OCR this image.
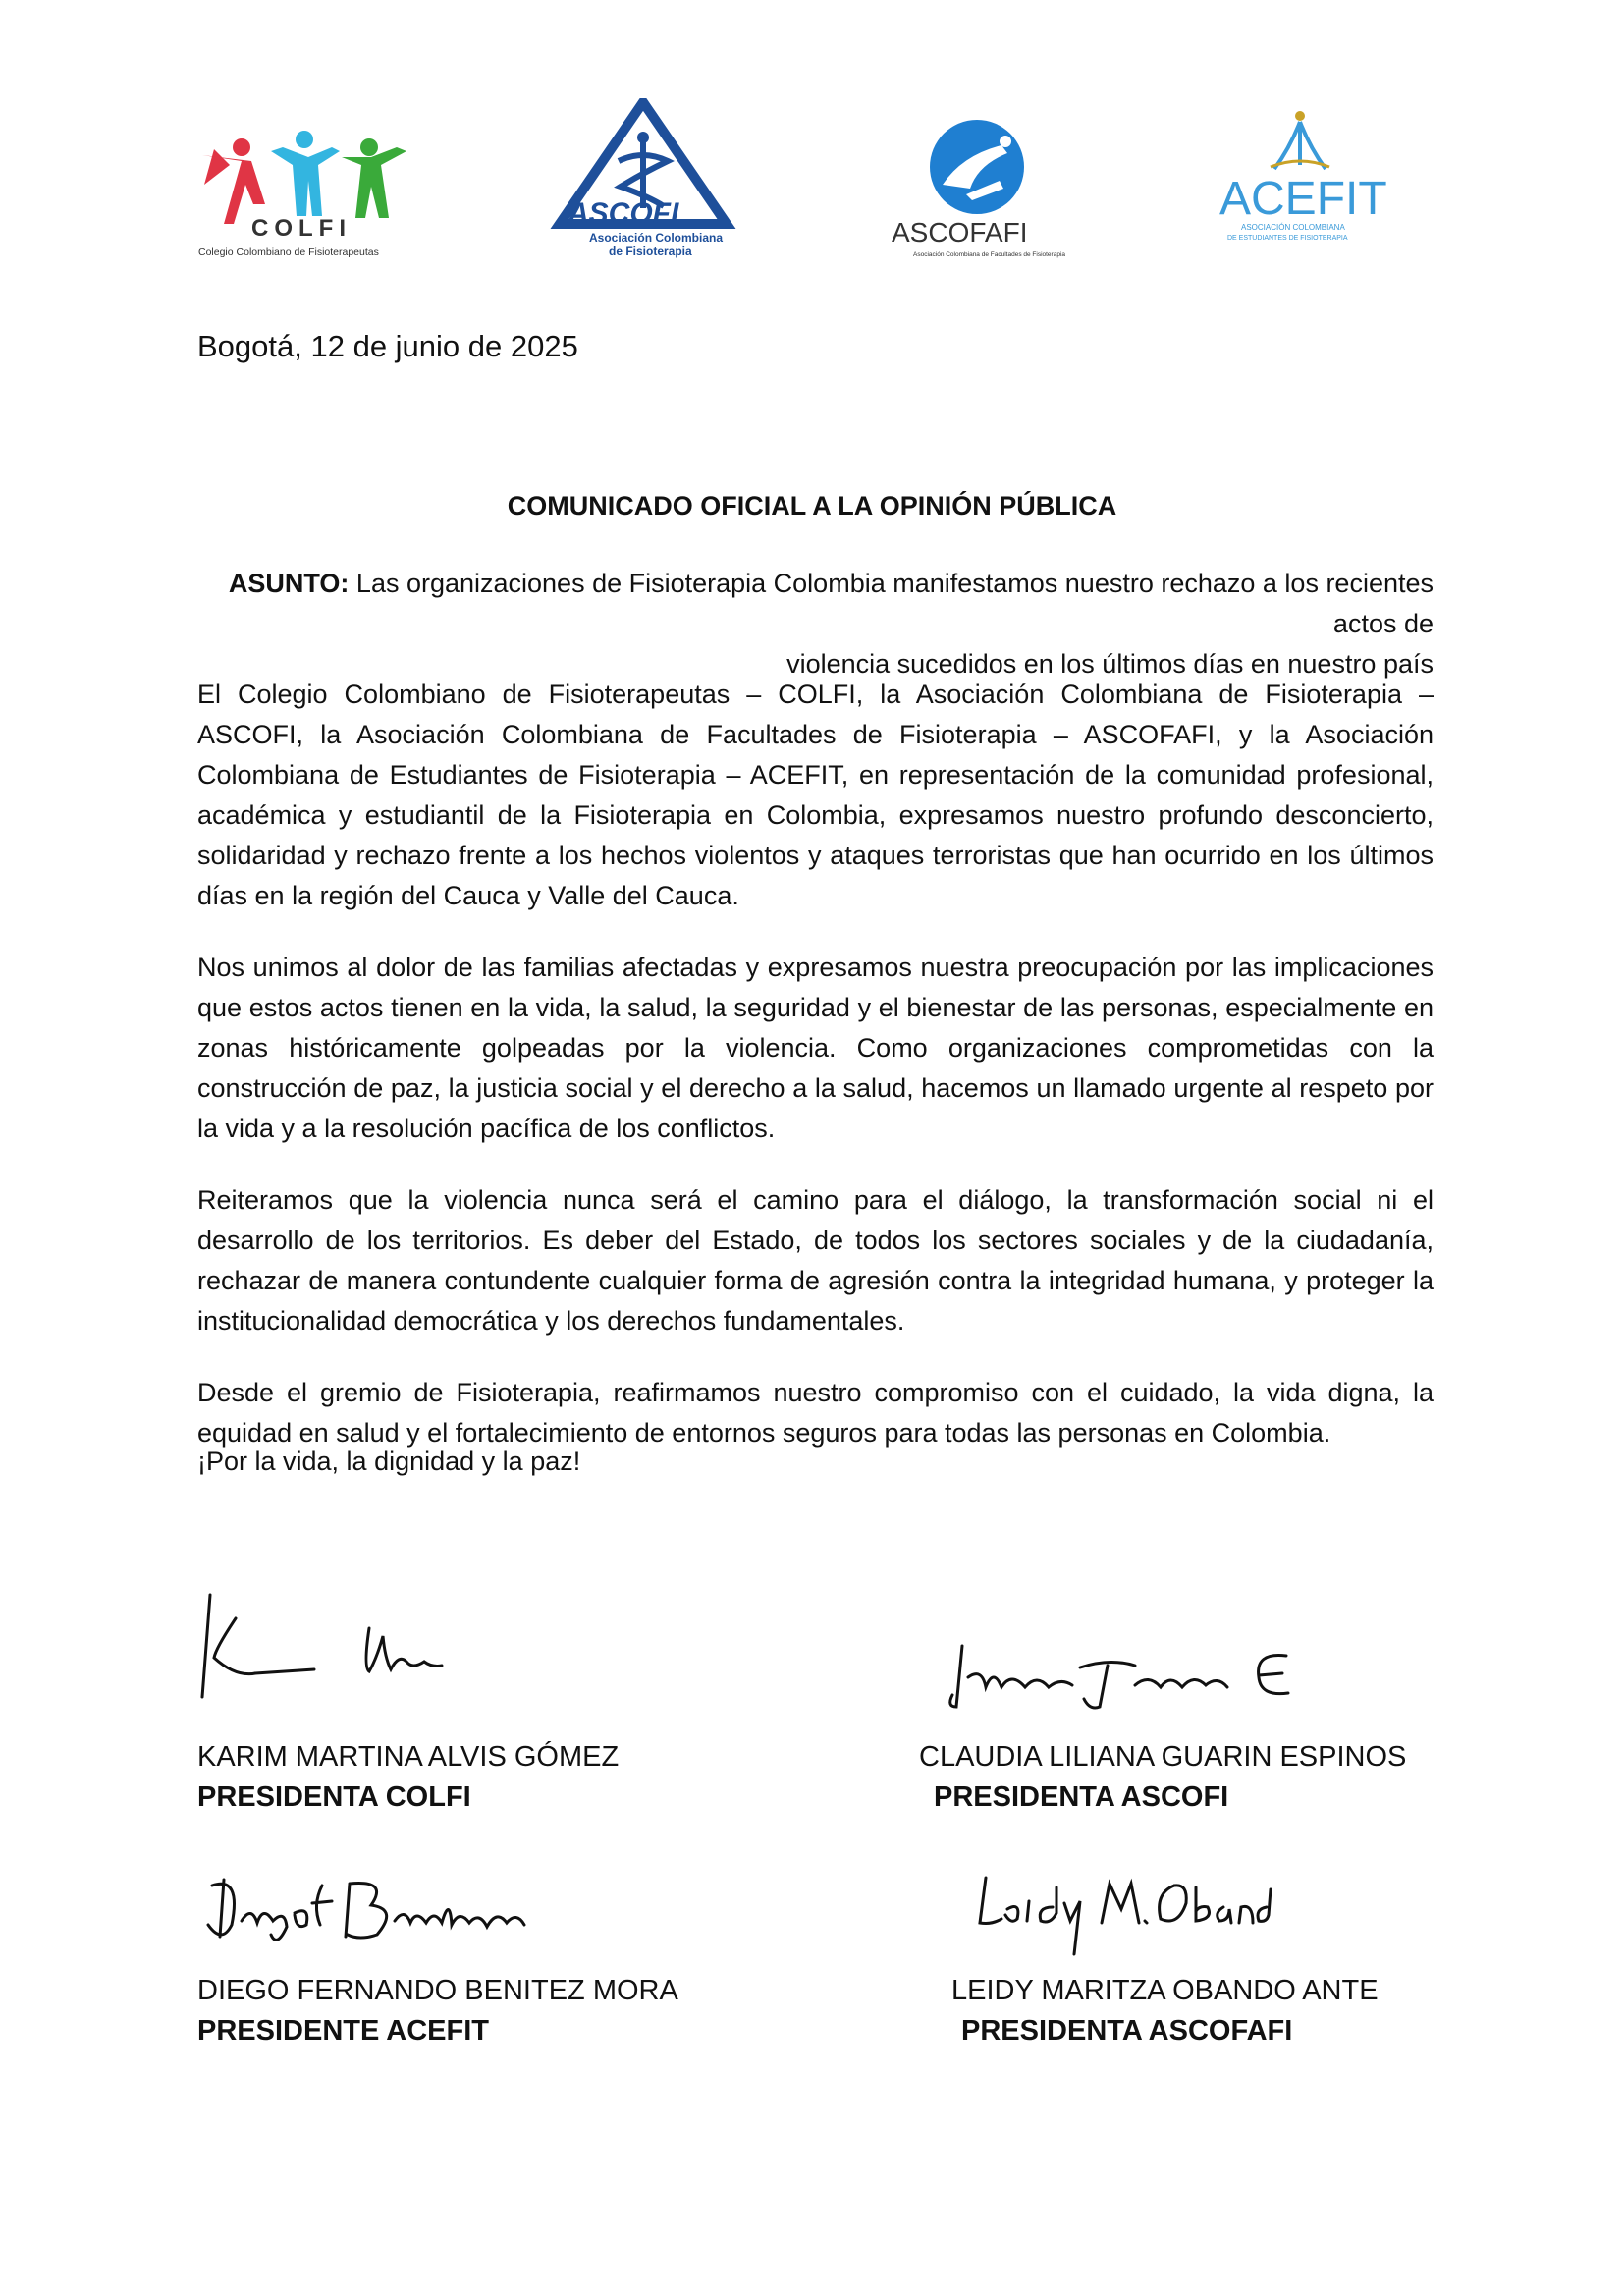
COLFI
Colegio Colombiano de Fisioterapeutas
ASCOFI
Asociación Colombiana
de Fisioterapia
ASCOFAFI
Asociación Colombiana de Facultades de Fisioterapia
ACEFIT
ASOCIACIÓN COLOMBIANA
DE ESTUDIANTES DE FISIOTERAPIA
Bogotá, 12 de junio de 2025
COMUNICADO OFICIAL A LA OPINIÓN PÚBLICA
ASUNTO: Las organizaciones de Fisioterapia Colombia manifestamos nuestro rechazo a los recientes actos de
violencia sucedidos en los últimos días en nuestro país

El Colegio Colombiano de Fisioterapeutas – COLFI, la Asociación Colombiana de Fisioterapia – ASCOFI, la Asociación Colombiana de Facultades de Fisioterapia – ASCOFAFI, y la Asociación Colombiana de Estudiantes de Fisioterapia – ACEFIT, en representación de la comunidad profesional, académica y estudiantil de la Fisioterapia en Colombia, expresamos nuestro profundo desconcierto, solidaridad y rechazo frente a los hechos violentos y ataques terroristas que han ocurrido en los últimos días en la región del Cauca y Valle del Cauca.

Nos unimos al dolor de las familias afectadas y expresamos nuestra preocupación por las implicaciones que estos actos tienen en la vida, la salud, la seguridad y el bienestar de las personas, especialmente en zonas históricamente golpeadas por la violencia. Como organizaciones comprometidas con la construcción de paz, la justicia social y el derecho a la salud, hacemos un llamado urgente al respeto por la vida y a la resolución pacífica de los conflictos.

Reiteramos que la violencia nunca será el camino para el diálogo, la transformación social ni el desarrollo de los territorios. Es deber del Estado, de todos los sectores sociales y de la ciudadanía, rechazar de manera contundente cualquier forma de agresión contra la integridad humana, y proteger la institucionalidad democrática y los derechos fundamentales.

Desde el gremio de Fisioterapia, reafirmamos nuestro compromiso con el cuidado, la vida digna, la equidad en salud y el fortalecimiento de entornos seguros para todas las personas en Colombia.

¡Por la vida, la dignidad y la paz!
KARIM MARTINA ALVIS GÓMEZ
PRESIDENTA COLFI
CLAUDIA LILIANA GUARIN ESPINOS
PRESIDENTA ASCOFI
DIEGO FERNANDO BENITEZ MORA
PRESIDENTE ACEFIT
LEIDY MARITZA OBANDO ANTE
PRESIDENTA ASCOFAFI
